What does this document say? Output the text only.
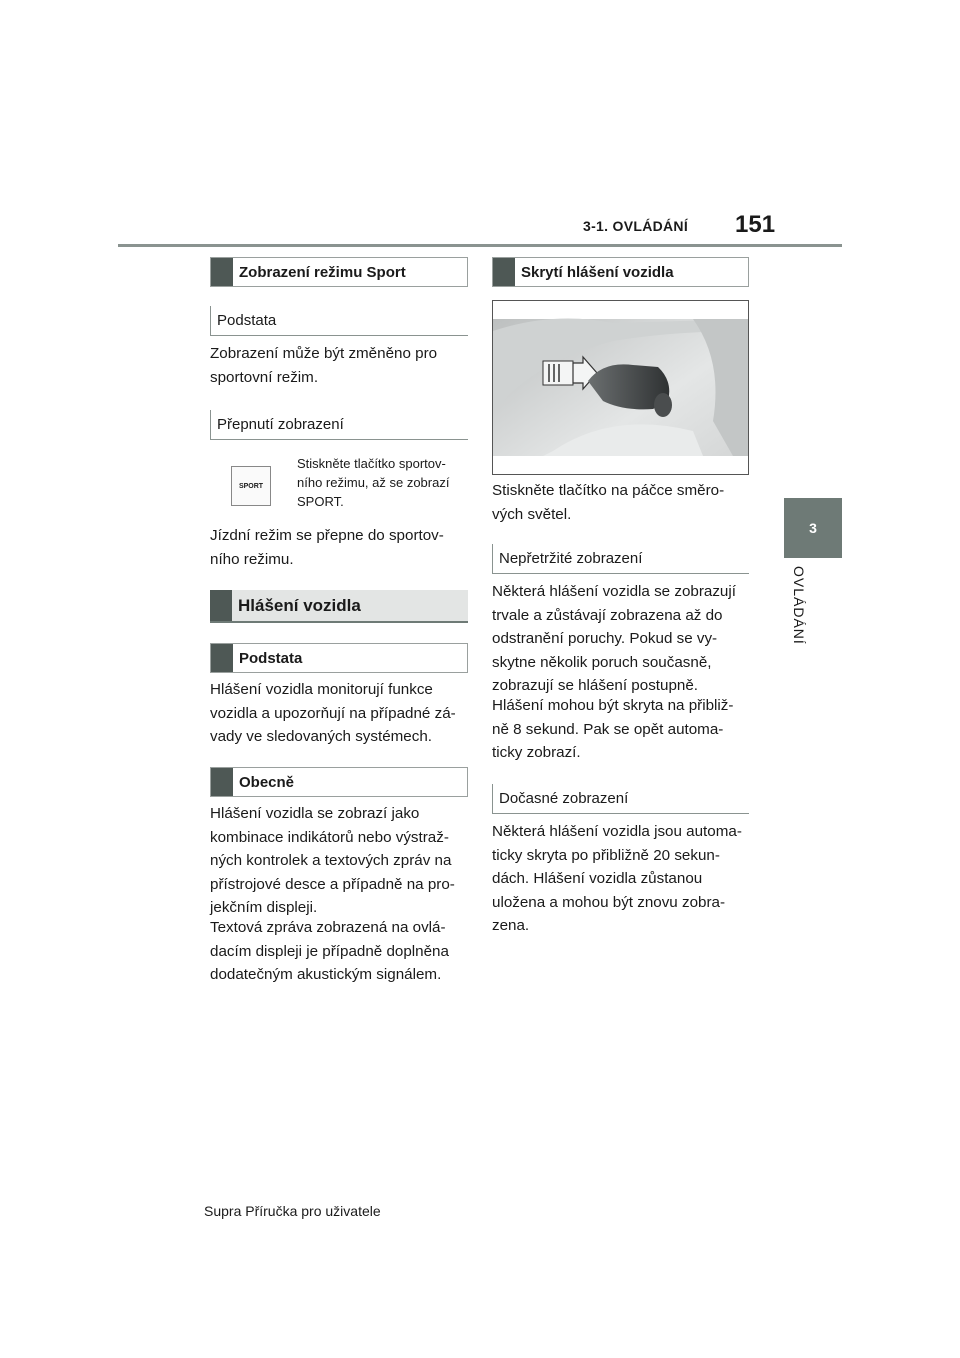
3-1. OVLÁDÁNÍ 151
3
OVLÁDÁNÍ
Zobrazení režimu Sport
Podstata
Zobrazení může být změněno pro
sportovní režim.
Přepnutí zobrazení
SPORT
Stiskněte tlačítko sportov-
ního režimu, až se zobrazí
SPORT.
Jízdní režim se přepne do sportov-
ního režimu.
Hlášení vozidla
Podstata
Hlášení vozidla monitorují funkce
vozidla a upozorňují na případné zá-
vady ve sledovaných systémech.
Obecně
Hlášení vozidla se zobrazí jako
kombinace indikátorů nebo výstraž-
ných kontrolek a textových zpráv na
přístrojové desce a případně na pro-
jekčním displeji.
Textová zpráva zobrazená na ovlá-
dacím displeji je případně doplněna
dodatečným akustickým signálem.
Skrytí hlášení vozidla
Stiskněte tlačítko na páčce směro-
vých světel.
Nepřetržité zobrazení
Některá hlášení vozidla se zobrazují
trvale a zůstávají zobrazena až do
odstranění poruchy. Pokud se vy-
skytne několik poruch současně,
zobrazují se hlášení postupně.
Hlášení mohou být skryta na přibliž-
ně 8 sekund. Pak se opět automa-
ticky zobrazí.
Dočasné zobrazení
Některá hlášení vozidla jsou automa-
ticky skryta po přibližně 20 sekun-
dách. Hlášení vozidla zůstanou
uložena a mohou být znovu zobra-
zena.
Supra Příručka pro uživatele
